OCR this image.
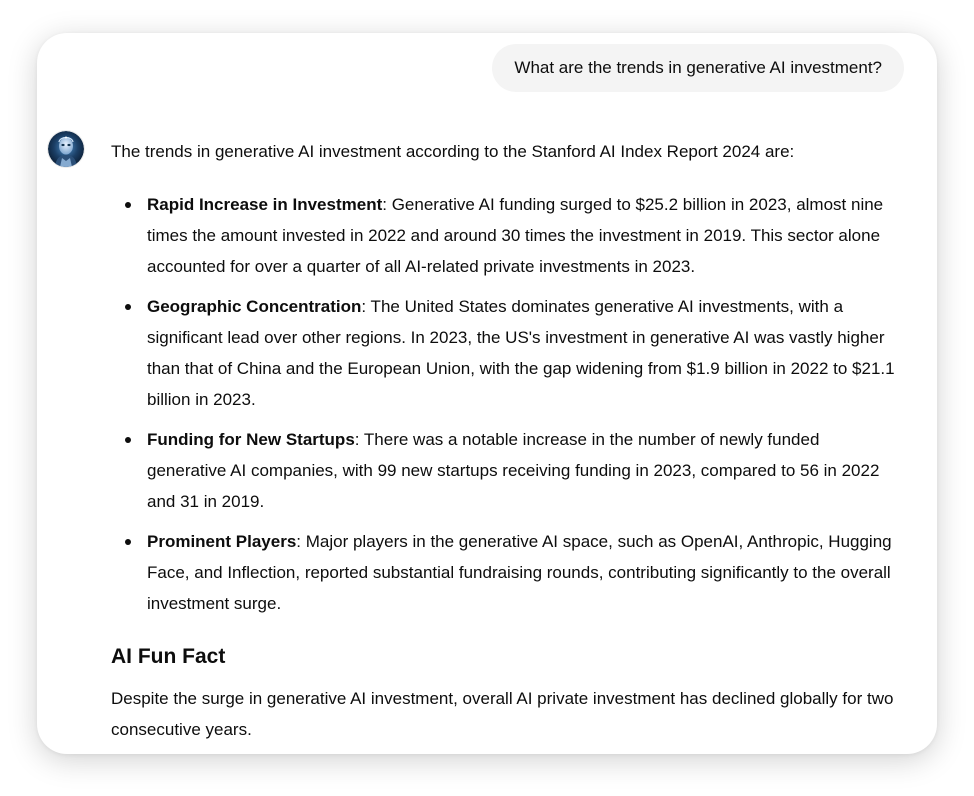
What are the trends in generative AI investment?

The trends in generative AI investment according to the Stanford AI Index Report 2024 are:

Rapid Increase in Investment: Generative AI funding surged to $25.2 billion in 2023, almost nine times the amount invested in 2022 and around 30 times the investment in 2019. This sector alone accounted for over a quarter of all AI-related private investments in 2023.
Geographic Concentration: The United States dominates generative AI investments, with a significant lead over other regions. In 2023, the US's investment in generative AI was vastly higher than that of China and the European Union, with the gap widening from $1.9 billion in 2022 to $21.1 billion in 2023.
Funding for New Startups: There was a notable increase in the number of newly funded generative AI companies, with 99 new startups receiving funding in 2023, compared to 56 in 2022 and 31 in 2019.
Prominent Players: Major players in the generative AI space, such as OpenAI, Anthropic, Hugging Face, and Inflection, reported substantial fundraising rounds, contributing significantly to the overall investment surge.
AI Fun Fact

Despite the surge in generative AI investment, overall AI private investment has declined globally for two consecutive years.
